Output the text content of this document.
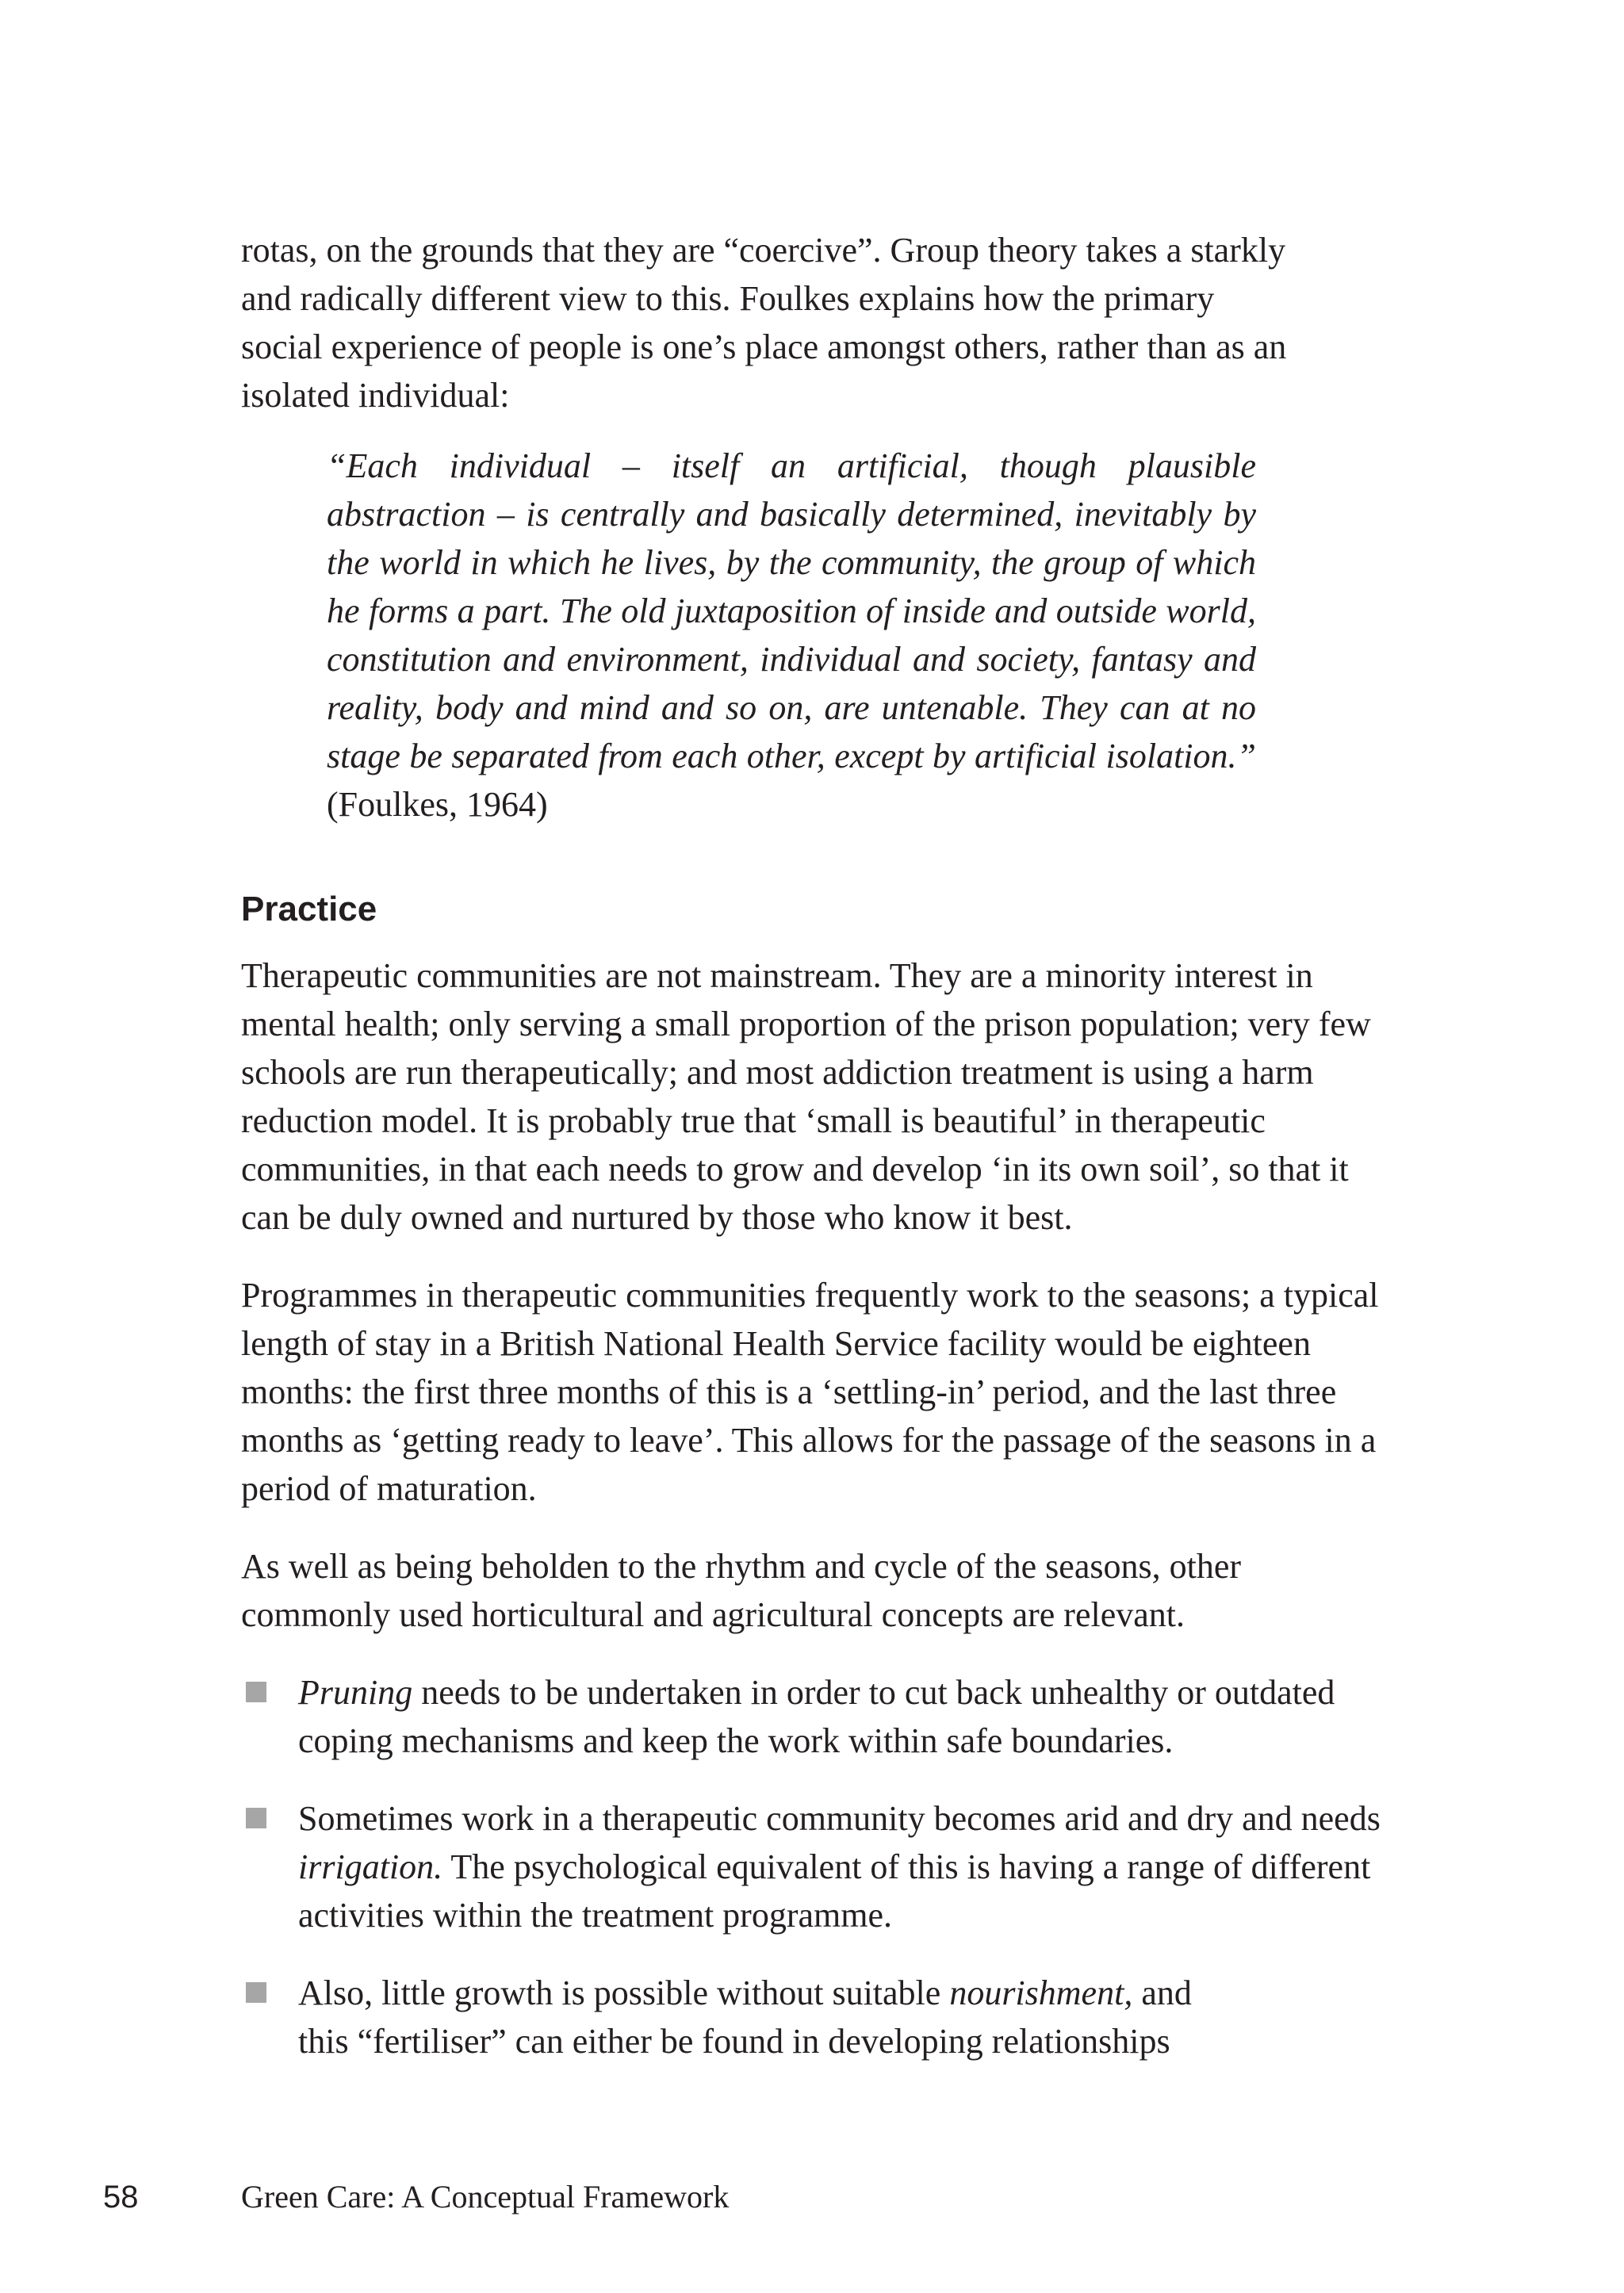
rotas, on the grounds that they are “coercive”. Group theory takes a starkly
and radically different view to this. Foulkes explains how the primary
social experience of people is one’s place amongst others, rather than as an
isolated individual:

“Each individual – itself an artificial, though plausible abstraction – is centrally and basically determined, inevitably by the world in which he lives, by the community, the group of which he forms a part. The old juxtaposition of inside and outside world, constitution and environment, individual and society, fantasy and reality, body and mind and so on, are untenable. They can at no stage be separated from each other, except by artificial isolation.” (Foulkes, 1964)

Practice

Therapeutic communities are not mainstream. They are a minority interest in mental health; only serving a small proportion of the prison population; very few schools are run therapeutically; and most addiction treatment is using a harm reduction model. It is probably true that ‘small is beautiful’ in therapeutic communities, in that each needs to grow and develop ‘in its own soil’, so that it can be duly owned and nurtured by those who know it best.

Programmes in therapeutic communities frequently work to the seasons; a typical length of stay in a British National Health Service facility would be eighteen months: the first three months of this is a ‘settling-in’ period, and the last three months as ‘getting ready to leave’. This allows for the passage of the seasons in a period of maturation.

As well as being beholden to the rhythm and cycle of the seasons, other commonly used horticultural and agricultural concepts are relevant.

Pruning needs to be undertaken in order to cut back unhealthy or outdated coping mechanisms and keep the work within safe boundaries.
Sometimes work in a therapeutic community becomes arid and dry and needs irrigation. The psychological equivalent of this is having a range of different activities within the treatment programme.
Also, little growth is possible without suitable nourishment, and
this “fertiliser” can either be found in developing relationships
58	Green Care: A Conceptual Framework
